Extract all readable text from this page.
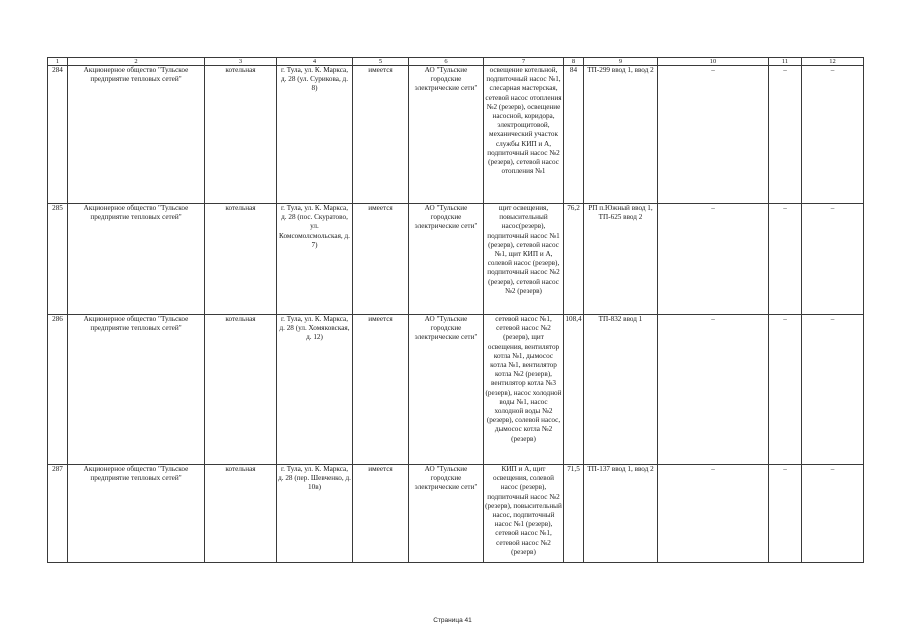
1	2	3	4	5	6	7	8	9	10	11	12
284	Акционерное общество "Тульское предприятие тепловых сетей"	котельная	г. Тула, ул. К. Маркса, д. 28 (ул. Сурикова, д. 8)	имеется	АО "Тульские городские электрические сети"	освещение котельной, подпиточный насос №1, слесарная мастерская, сетевой насос отопления №2 (резерв), освещение насосной, коридора, электрощитовой, механический участок службы КИП и А, подпиточный насос №2 (резерв), сетевой насос отопления №1	84	ТП-299 ввод 1, ввод 2	–	–	–
285	Акционерное общество "Тульское предприятие тепловых сетей"	котельная	г. Тула, ул. К. Маркса, д. 28 (пос. Скуратово, ул. Комсомолсмольская, д. 7)	имеется	АО "Тульские городские электрические сети"	щит освещения, повысительный насос(резерв), подпиточный насос №1 (резерв), сетевой насос №1, щит КИП и А, солевой насос (резерв), подпиточный насос №2 (резерв), сетевой насос №2 (резерв)	76,2	РП п.Южный ввод 1, ТП-625 ввод 2	–	–	–
286	Акционерное общество "Тульское предприятие тепловых сетей"	котельная	г. Тула, ул. К. Маркса, д. 28 (ул. Хомяковская, д. 12)	имеется	АО "Тульские городские электрические сети"	сетевой насос №1, сетевой насос №2 (резерв), щит освещения, вентилятор котла №1, дымосос котла №1, вентилятор котла №2 (резерв), вентилятор котла №3 (резерв), насос холодной воды №1, насос холодной воды №2 (резерв), солевой насос, дымосос котла №2 (резерв)	108,4	ТП-832 ввод 1	–	–	–
287	Акционерное общество "Тульское предприятие тепловых сетей"	котельная	г. Тула, ул. К. Маркса, д. 28 (пер. Шевченко, д. 10в)	имеется	АО "Тульские городские электрические сети"	КИП и А, щит освещения, солевой насос (резерв), подпиточный насос №2 (резерв), повысительный насос, подпиточный насос №1 (резерв), сетевой насос №1, сетевой насос №2 (резерв)	71,5	ТП-137 ввод 1, ввод 2	–	–	–
Страница 41
